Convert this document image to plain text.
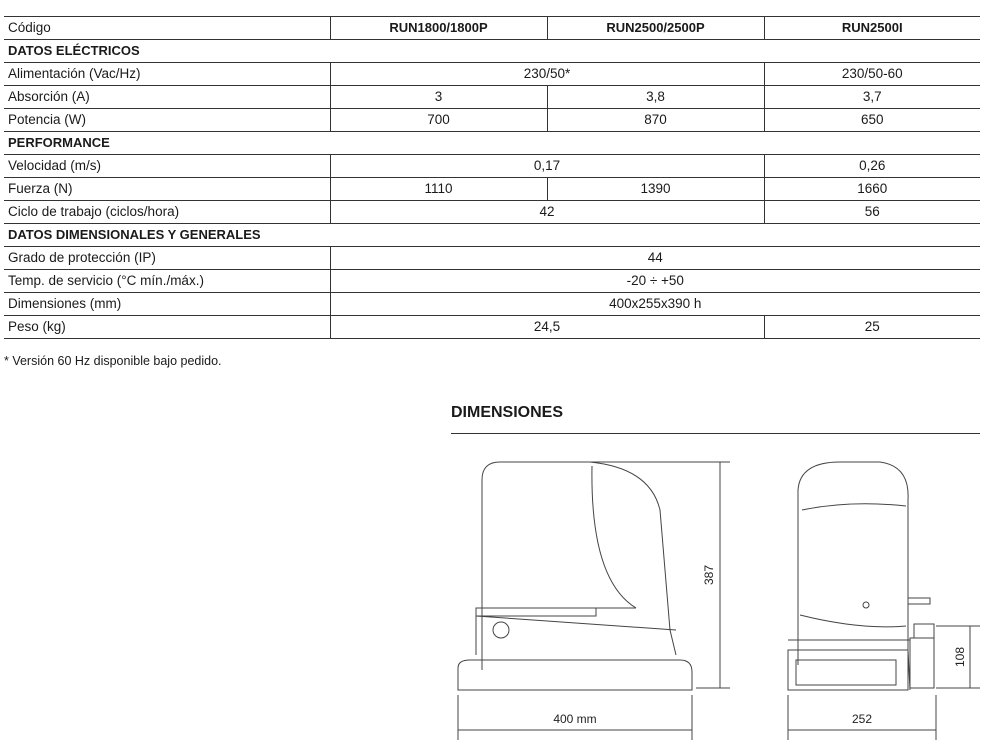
Código	RUN1800/1800P	RUN2500/2500P	RUN2500I
DATOS ELÉCTRICOS			
Alimentación (Vac/Hz)	230/50*		230/50-60
Absorción (A)	3	3,8	3,7
Potencia (W)	700	870	650
PERFORMANCE			
Velocidad (m/s)	0,17		0,26
Fuerza (N)	1110	1390	1660
Ciclo de trabajo (ciclos/hora)	42		56
DATOS DIMENSIONALES Y GENERALES			
Grado de protección (IP)	44		
Temp. de servicio (°C mín./máx.)	-20 ÷ +50		
Dimensiones (mm)	400x255x390 h		
Peso (kg)	24,5		25
* Versión 60 Hz disponible bajo pedido.
DIMENSIONES
387
400 mm
108
252
